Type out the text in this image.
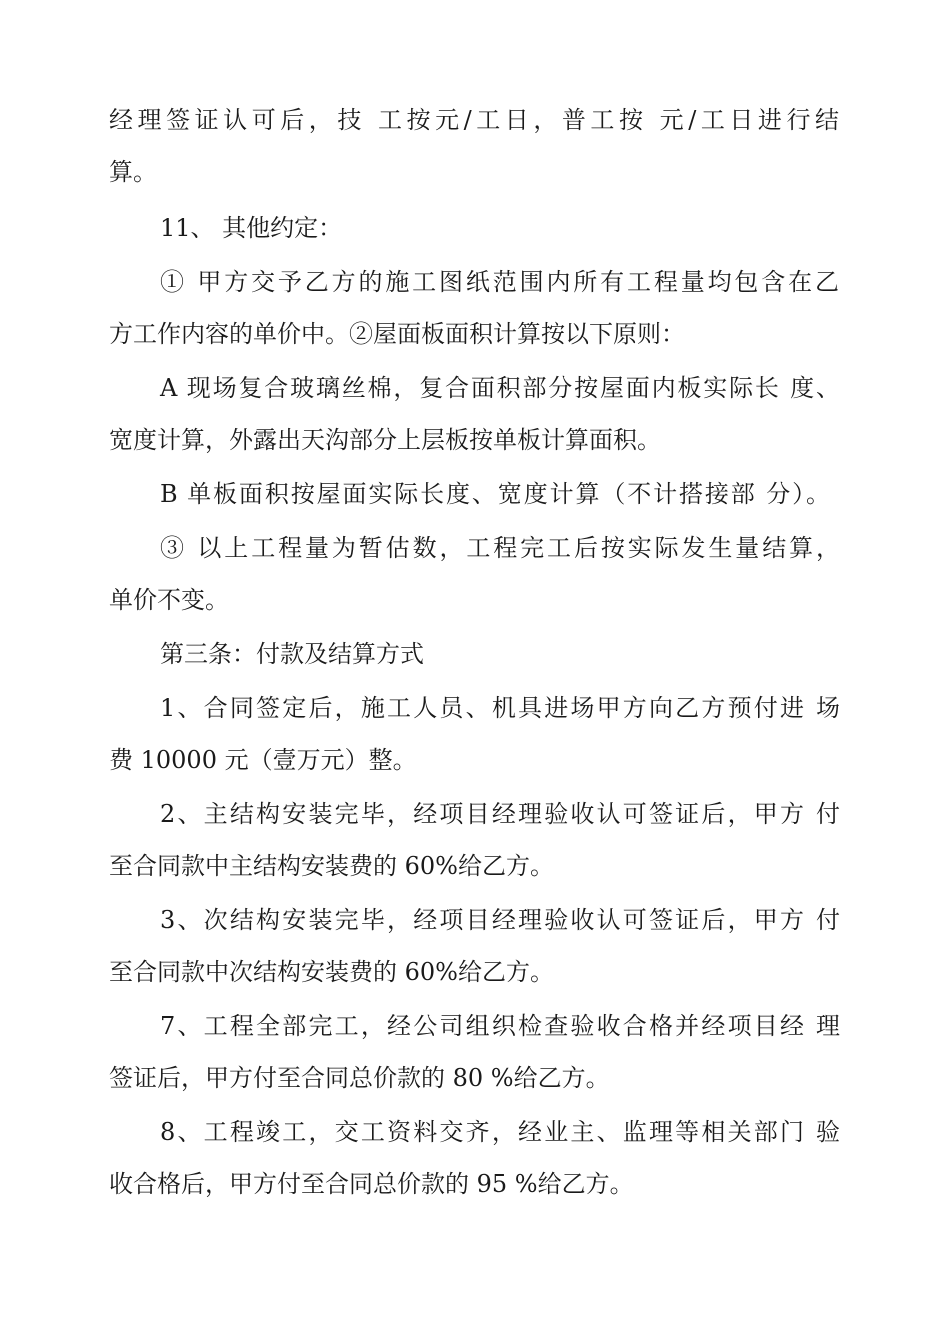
经理签证认可后，技 工按元/工日，普工按 元/工日进行结
算。
11、 其他约定：
① 甲方交予乙方的施工图纸范围内所有工程量均包含在乙
方工作内容的单价中。②屋面板面积计算按以下原则：
A 现场复合玻璃丝棉，复合面积部分按屋面内板实际长 度、
宽度计算，外露出天沟部分上层板按单板计算面积。
B 单板面积按屋面实际长度、宽度计算（不计搭接部 分）。
③ 以上工程量为暂估数，工程完工后按实际发生量结算，
单价不变。
第三条：付款及结算方式
1、合同签定后，施工人员、机具进场甲方向乙方预付进 场
费 10000 元（壹万元）整。
2、主结构安装完毕，经项目经理验收认可签证后，甲方 付
至合同款中主结构安装费的 60%给乙方。
3、次结构安装完毕，经项目经理验收认可签证后，甲方 付
至合同款中次结构安装费的 60%给乙方。
7、工程全部完工，经公司组织检查验收合格并经项目经 理
签证后，甲方付至合同总价款的 80 %给乙方。
8、工程竣工，交工资料交齐，经业主、监理等相关部门 验
收合格后，甲方付至合同总价款的 95 %给乙方。
